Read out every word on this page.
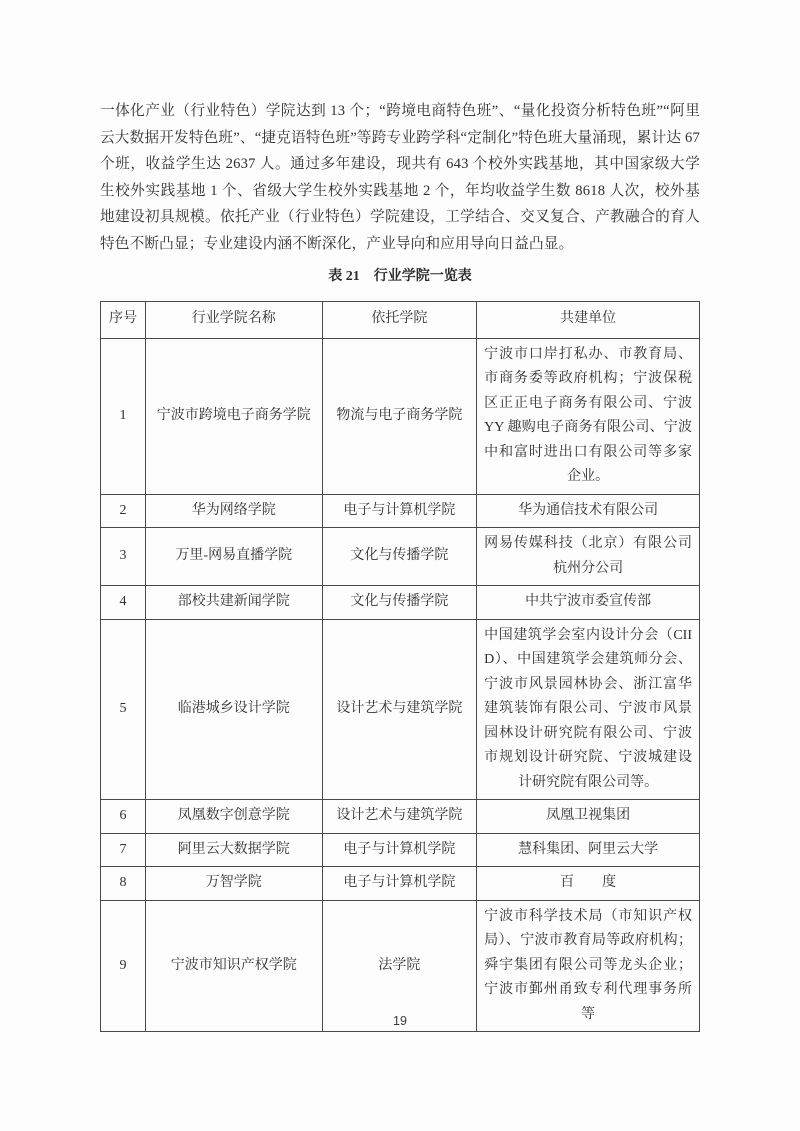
一体化产业（行业特色）学院达到 13 个；“跨境电商特色班”、“量化投资分析特色班”“阿里云大数据开发特色班”、“捷克语特色班”等跨专业跨学科“定制化”特色班大量涌现，累计达 67 个班，收益学生达 2637 人。通过多年建设，现共有 643 个校外实践基地，其中国家级大学生校外实践基地 1 个、省级大学生校外实践基地 2 个，年均收益学生数 8618 人次，校外基地建设初具规模。依托产业（行业特色）学院建设，工学结合、交叉复合、产教融合的育人特色不断凸显；专业建设内涵不断深化，产业导向和应用导向日益凸显。

表 21　行业学院一览表

序号	行业学院名称	依托学院	共建单位
1	宁波市跨境电子商务学院	物流与电子商务学院	宁波市口岸打私办、市教育局、市商务委等政府机构；宁波保税区正正电子商务有限公司、宁波 YY 趣购电子商务有限公司、宁波中和富时进出口有限公司等多家企业。
2	华为网络学院	电子与计算机学院	华为通信技术有限公司
3	万里-网易直播学院	文化与传播学院	网易传媒科技（北京）有限公司杭州分公司
4	部校共建新闻学院	文化与传播学院	中共宁波市委宣传部
5	临港城乡设计学院	设计艺术与建筑学院	中国建筑学会室内设计分会（CIID）、中国建筑学会建筑师分会、宁波市风景园林协会、浙江富华建筑装饰有限公司、宁波市风景园林设计研究院有限公司、宁波市规划设计研究院、宁波城建设计研究院有限公司等。
6	凤凰数字创意学院	设计艺术与建筑学院	凤凰卫视集团
7	阿里云大数据学院	电子与计算机学院	慧科集团、阿里云大学
8	万智学院	电子与计算机学院	百　　度
9	宁波市知识产权学院	法学院	宁波市科学技术局（市知识产权局）、宁波市教育局等政府机构；舜宇集团有限公司等龙头企业；宁波市鄞州甬致专利代理事务所等
19
